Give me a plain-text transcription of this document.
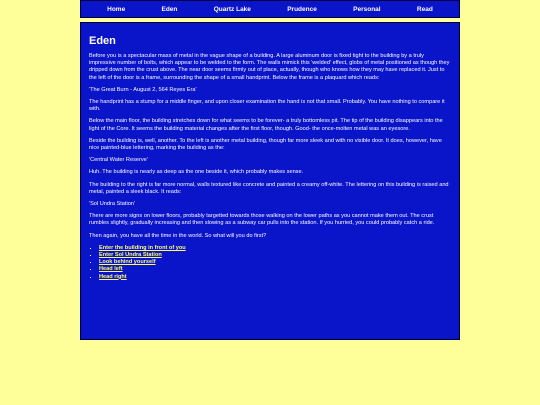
Home	Eden	Quartz Lake	Prudence	Personal	Read
Eden

Before you is a spectacular mass of metal in the vague shape of a building. A large aluminum door is fixed tight to the building by a truly impressive number of bolts, which appear to be welded to the form. The walls mimick this 'welded' effect, globs of metal positioned as though they dripped down from the crust above. The near door seems firmly out of place, actually, though who knows how they may have replaced it. Just to the left of the door is a frame, surrounding the shape of a small handprint. Below the frame is a plaquard which reads:

'The Great Burn - August 2, 564 Reyes Era'

The handprint has a stump for a middle finger, and upon closer examination the hand is not that small. Probably. You have nothing to compare it with.

Below the main floor, the building stretches down for what seems to be forever- a truly bottomless pit. The tip of the building disappears into the light of the Core. It seems the building material changes after the first floor, though. Good- the once-molten metal was an eyesore.

Beside the building is, well, another. To the left is another metal building, though far more sleek and with no visible door. It does, however, have nice painted-blue lettering, marking the building as the:

'Central Water Reserve'

Huh. The building is nearly as deep as the one beside it, which probably makes sense.

The building to the right is far more normal, walls textured like concrete and painted a creamy off-white. The lettering on this building is raised and metal, painted a sleek black. It reads:

'Sol Undra Station'

There are more signs on lower floors, probably targetted towards those walking on the lower paths as you cannot make them out. The crust rumbles slightly, gradually increasing and then slowing as a subway car pulls into the station. If you hurried, you could probably catch a ride.

Then again, you have all the time in the world. So what will you do first?

▪ Enter the building in front of you
▪ Enter Sol Undra Station
▪ Look behind yourself
▪ Head left
▪ Head right
